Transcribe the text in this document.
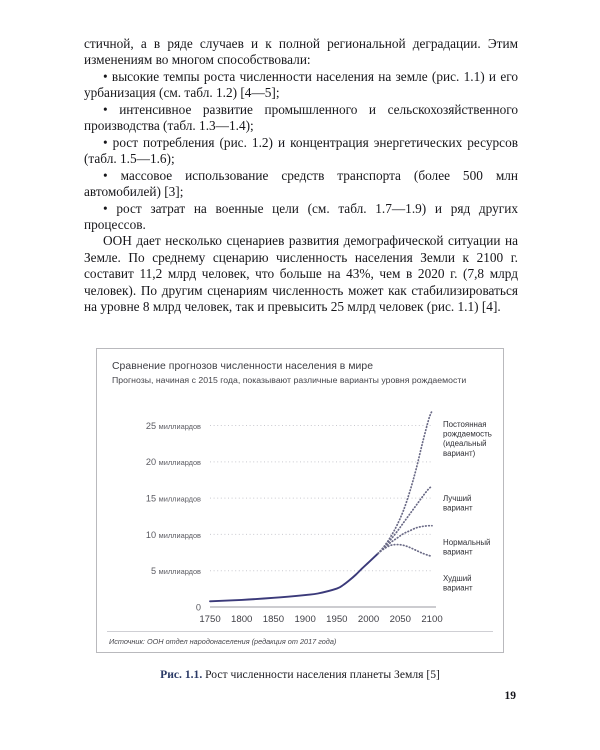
стичной, а в ряде случаев и к полной региональной деградации. Этим изменениям во многом способствовали:

• высокие темпы роста численности населения на земле (рис. 1.1) и его урбанизация (см. табл. 1.2) [4—5];

• интенсивное развитие промышленного и сельскохозяйственного производства (табл. 1.3—1.4);

• рост потребления (рис. 1.2) и концентрация энергетических ресурсов (табл. 1.5—1.6);

• массовое использование средств транспорта (более 500 млн автомобилей) [3];

• рост затрат на военные цели (см. табл. 1.7—1.9) и ряд других процессов.

ООН дает несколько сценариев развития демографической ситуации на Земле. По среднему сценарию численность населения Земли к 2100 г. составит 11,2 млрд человек, что больше на 43%, чем в 2020 г. (7,8 млрд человек). По другим сценариям численность может как стабилизироваться на уровне 8 млрд человек, так и превысить 25 млрд человек (рис. 1.1) [4].

Сравнение прогнозов численности населения в мире
Прогнозы, начиная с 2015 года, показывают различные варианты уровня рождаемости
25 миллиардов
20 миллиардов
15 миллиардов
10 миллиардов
5 миллиардов
0
1750 1800 1850 1900 1950 2000 2050 2100
Постоянная рождаемость (идеальный вариант)
Лучший вариант
Нормальный вариант
Худший вариант
Источник: ООН отдел народонаселения (редакция от 2017 года)
Рис. 1.1. Рост численности населения планеты Земля [5]
19
